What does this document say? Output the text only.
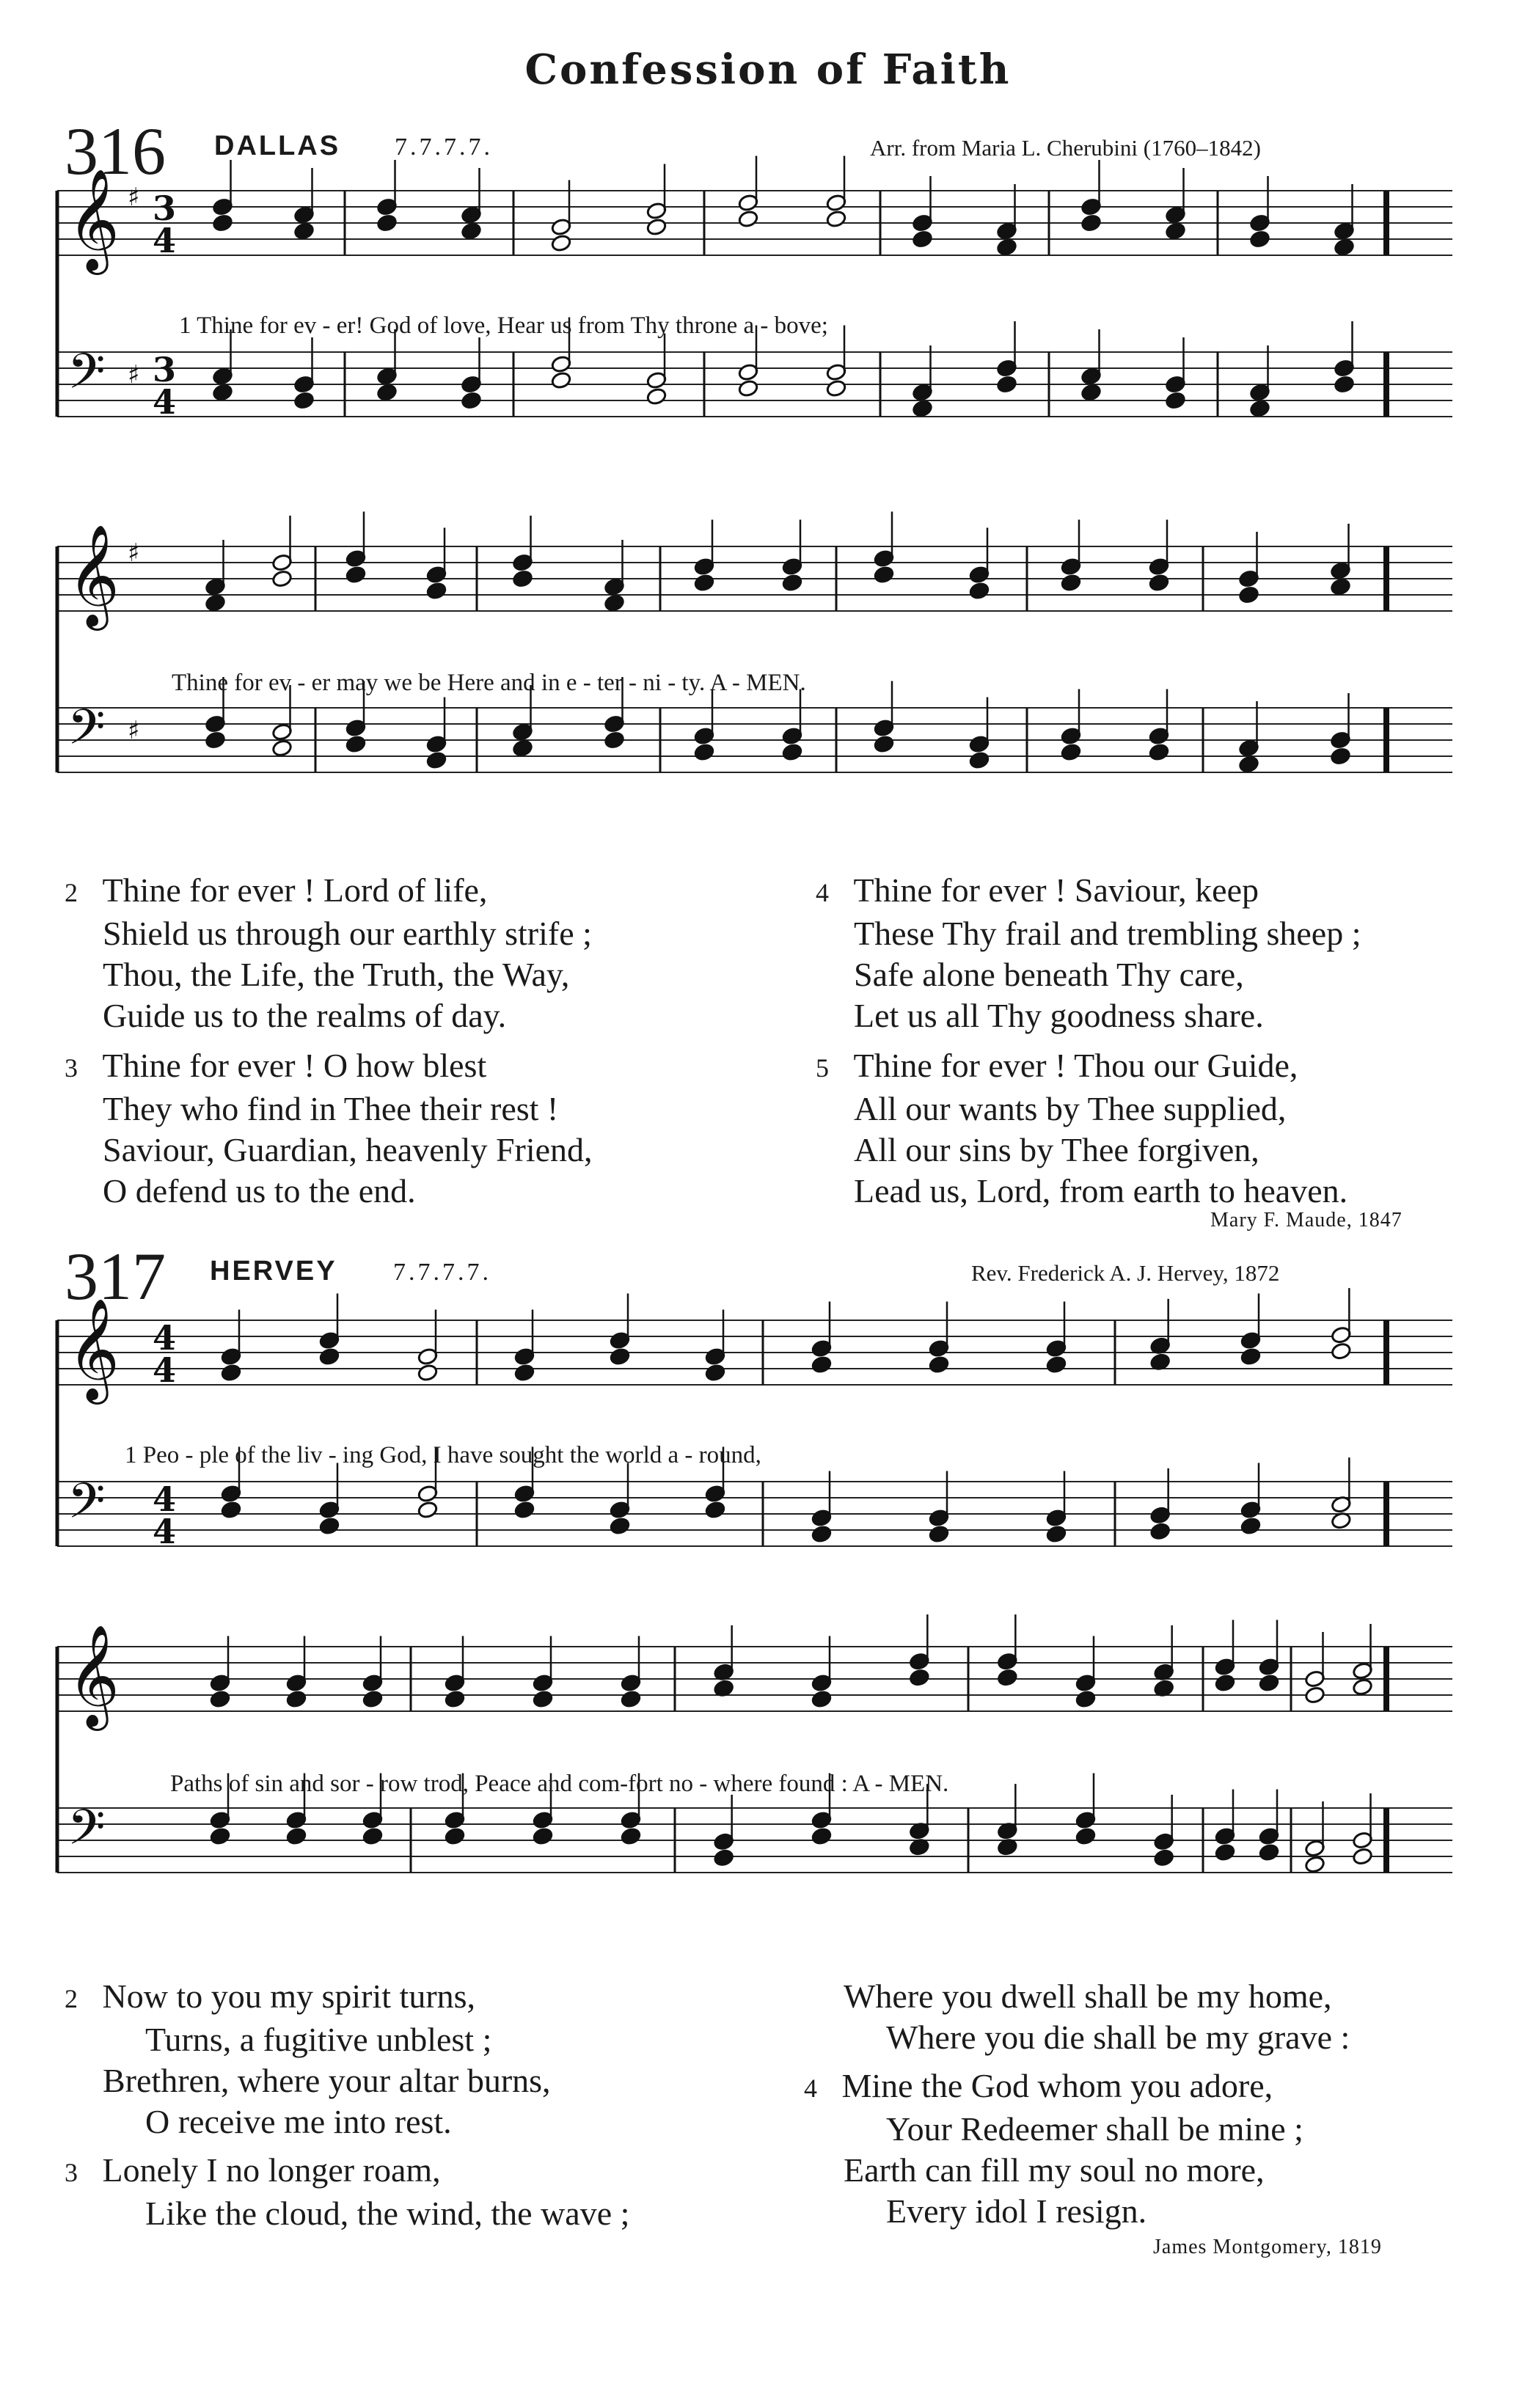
Confession of Faith
316 DALLAS 7.7.7.7.	Arr. from Maria L. Cherubini (1760–1842)
𝄞 ♯ 3
4
𝄢 ♯ 3
4
1 Thine for ev - er! God of love, Hear us from Thy throne a - bove;
𝄞 ♯
𝄢 ♯
Thine for ev - er may we be Here and in e - ter - ni - ty. A - MEN.
2 Thine for ever ! Lord of life,
Shield us through our earthly strife ;
Thou, the Life, the Truth, the Way,
Guide us to the realms of day.
3 Thine for ever ! O how blest
They who find in Thee their rest !
Saviour, Guardian, heavenly Friend,
O defend us to the end.
4 Thine for ever ! Saviour, keep
These Thy frail and trembling sheep ;
Safe alone beneath Thy care,
Let us all Thy goodness share.
5 Thine for ever ! Thou our Guide,
All our wants by Thee supplied,
All our sins by Thee forgiven,
Lead us, Lord, from earth to heaven.
Mary F. Maude, 1847
317 HERVEY 7.7.7.7.	Rev. Frederick A. J. Hervey, 1872
𝄞 4
4
𝄢 4
4
1 Peo - ple of the liv - ing God, I have sought the world a - round,
𝄞
𝄢
Paths of sin and sor - row trod, Peace and com-fort no - where found : A - MEN.
2 Now to you my spirit turns,
Turns, a fugitive unblest ;
Brethren, where your altar burns,
O receive me into rest.
3 Lonely I no longer roam,
Like the cloud, the wind, the wave ;
Where you dwell shall be my home,
Where you die shall be my grave :
4 Mine the God whom you adore,
Your Redeemer shall be mine ;
Earth can fill my soul no more,
Every idol I resign.
James Montgomery, 1819
